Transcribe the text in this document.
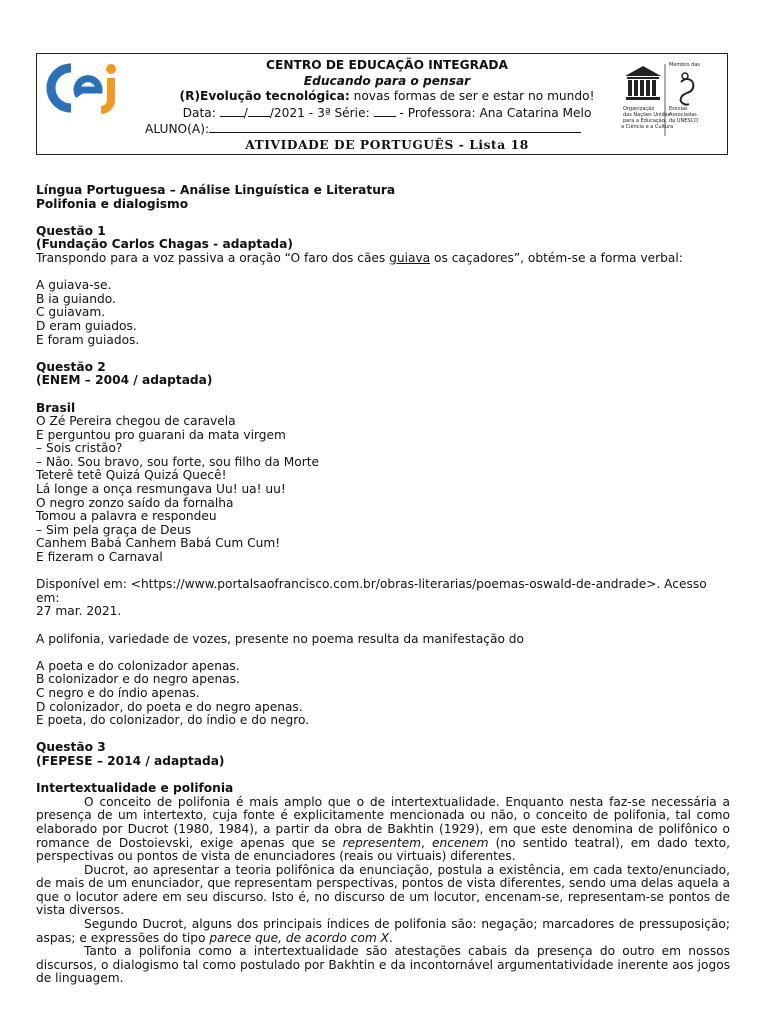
CENTRO DE EDUCAÇÃO INTEGRADA
Educando para o pensar
(R)Evolução tecnológica: novas formas de ser e estar no mundo!
Data: / /2021 - 3ª Série:  - Professora: Ana Catarina Melo
ALUNO(A):
ATIVIDADE DE PORTUGUÊS - Lista 18
Organização
das Nações Unidas
para a Educação,
a Ciência e a Cultura
Membro das
Escolas
Associadas
da UNESCO

Língua Portuguesa – Análise Linguística e Literatura

Polifonia e dialogismo

Questão 1

(Fundação Carlos Chagas - adaptada)

Transpondo para a voz passiva a oração “O faro dos cães guiava os caçadores”, obtém-se a forma verbal:

A guiava-se.

B ia guiando.

C guiavam.

D eram guiados.

E foram guiados.

Questão 2

(ENEM – 2004 / adaptada)

Brasil

O Zé Pereira chegou de caravela

E perguntou pro guarani da mata virgem

– Sois cristão?

– Não. Sou bravo, sou forte, sou filho da Morte

Teterê tetê Quizá Quizá Quecê!

Lá longe a onça resmungava Uu! ua! uu!

O negro zonzo saído da fornalha

Tomou a palavra e respondeu

– Sim pela graça de Deus

Canhem Babá Canhem Babá Cum Cum!

E fizeram o Carnaval

Disponível em: <https://www.portalsaofrancisco.com.br/obras-literarias/poemas-oswald-de-andrade>. Acesso em:

27 mar. 2021.

A polifonia, variedade de vozes, presente no poema resulta da manifestação do

A poeta e do colonizador apenas.

B colonizador e do negro apenas.

C negro e do índio apenas.

D colonizador, do poeta e do negro apenas.

E poeta, do colonizador, do índio e do negro.

Questão 3

(FEPESE – 2014 / adaptada)

Intertextualidade e polifonia

O conceito de polifonia é mais amplo que o de intertextualidade. Enquanto nesta faz-se necessária a presença de um intertexto, cuja fonte é explicitamente mencionada ou não, o conceito de polifonia, tal como elaborado por Ducrot (1980, 1984), a partir da obra de Bakhtin (1929), em que este denomina de polifônico o romance de Dostoievski, exige apenas que se representem, encenem (no sentido teatral), em dado texto, perspectivas ou pontos de vista de enunciadores (reais ou virtuais) diferentes.

Ducrot, ao apresentar a teoria polifônica da enunciação, postula a existência, em cada texto/enunciado, de mais de um enunciador, que representam perspectivas, pontos de vista diferentes, sendo uma delas aquela a que o locutor adere em seu discurso. Isto é, no discurso de um locutor, encenam-se, representam-se pontos de vista diversos.

Segundo Ducrot, alguns dos principais índices de polifonia são: negação; marcadores de pressuposição; aspas; e expressões do tipo parece que, de acordo com X.

Tanto a polifonia como a intertextualidade são atestações cabais da presença do outro em nossos discursos, o dialogismo tal como postulado por Bakhtin e da incontornável argumentatividade inerente aos jogos de linguagem.
